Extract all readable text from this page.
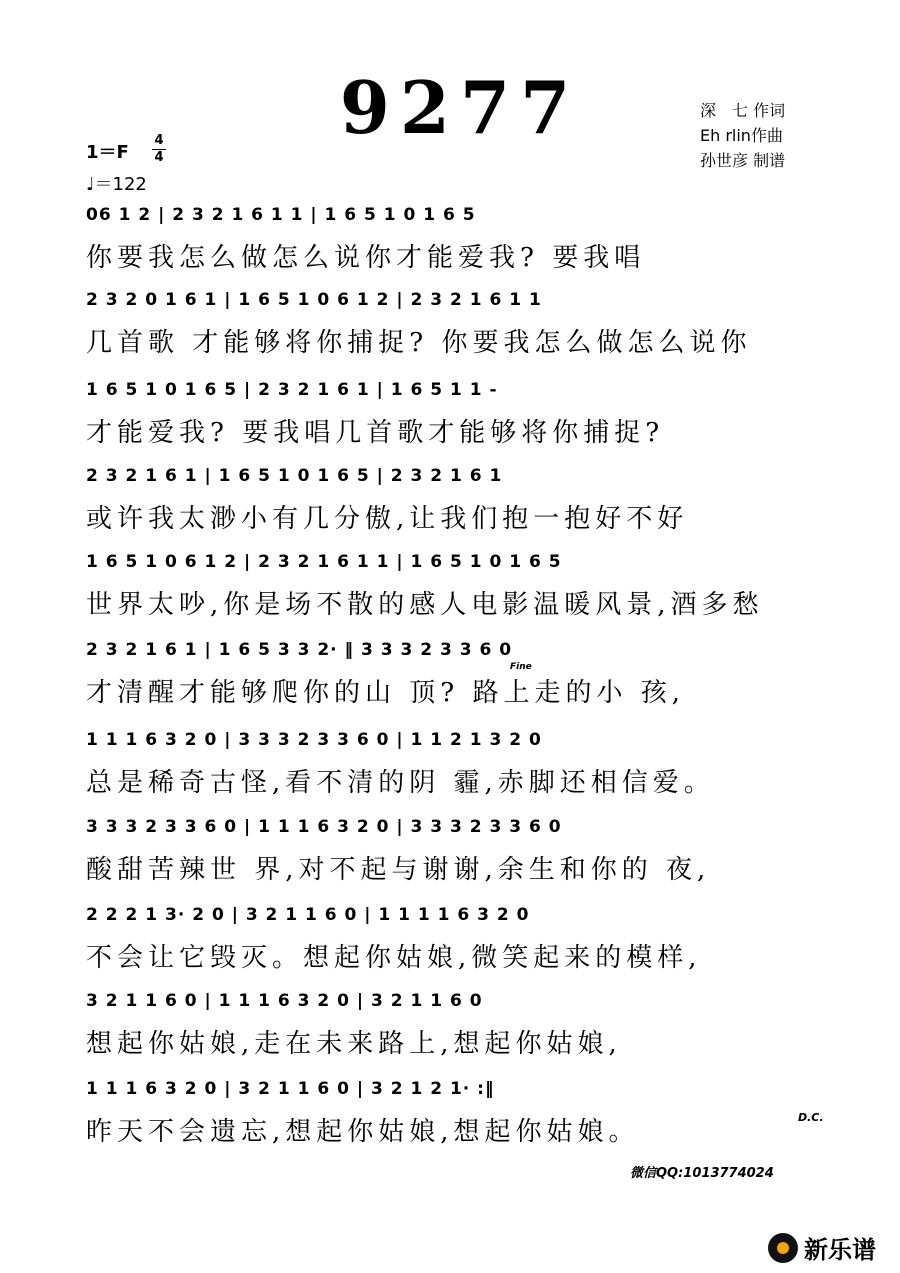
9277	深　七 作词
Eh rlin作曲
孙世彦 制谱
1＝F
4
4
♩＝122
06 1 2 | 2 3 2 1 6 1 1 | 1 6 5 1 0 1 6 5
你要我怎么做怎么说你才能爱我? 要我唱
2 3 2 0 1 6 1 | 1 6 5 1 0 6 1 2 | 2 3 2 1 6 1 1
几首歌 才能够将你捕捉? 你要我怎么做怎么说你
1 6 5 1 0 1 6 5 | 2 3 2 1 6 1 | 1 6 5 1 1 -
才能爱我? 要我唱几首歌才能够将你捕捉?
2 3 2 1 6 1 | 1 6 5 1 0 1 6 5 | 2 3 2 1 6 1
或许我太渺小有几分傲,让我们抱一抱好不好
1 6 5 1 0 6 1 2 | 2 3 2 1 6 1 1 | 1 6 5 1 0 1 6 5
世界太吵,你是场不散的感人电影温暖风景,酒多愁
2 3 2 1 6 1 | 1 6 5 3 3 2· ‖ 3 3 3 2 3 3 6 0
才清醒才能够爬你的山 顶? 路上走的小 孩,
1 1 1 6 3 2 0 | 3 3 3 2 3 3 6 0 | 1 1 2 1 3 2 0
总是稀奇古怪,看不清的阴 霾,赤脚还相信爱。
3 3 3 2 3 3 6 0 | 1 1 1 6 3 2 0 | 3 3 3 2 3 3 6 0
酸甜苦辣世 界,对不起与谢谢,余生和你的 夜,
2 2 2 1 3· 2 0 | 3 2 1 1 6 0 | 1 1 1 1 6 3 2 0
不会让它毁灭。想起你姑娘,微笑起来的模样,
3 2 1 1 6 0 | 1 1 1 6 3 2 0 | 3 2 1 1 6 0
想起你姑娘,走在未来路上,想起你姑娘,
1 1 1 6 3 2 0 | 3 2 1 1 6 0 | 3 2 1 2 1· :‖
昨天不会遗忘,想起你姑娘,想起你姑娘。
Fine
D.C.
微信QQ:1013774024
新乐谱
